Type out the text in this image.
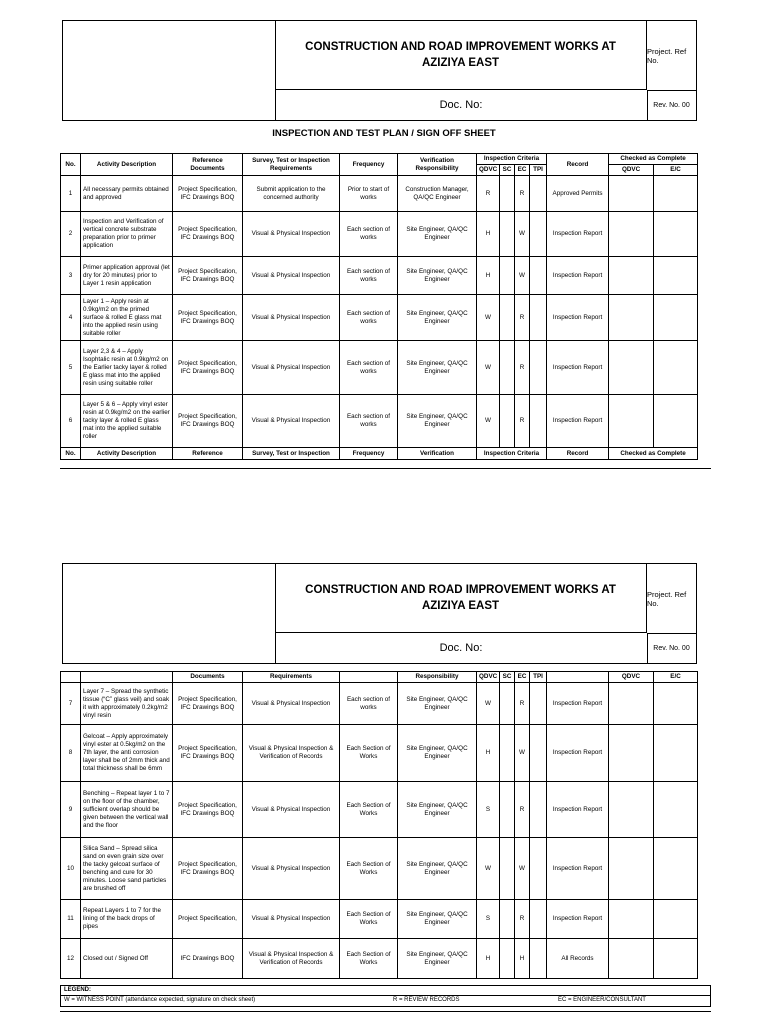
CONSTRUCTION AND ROAD IMPROVEMENT WORKS AT AZIZIYA EAST
Project. Ref No.
Doc. No:	Rev. No. 00
INSPECTION AND TEST PLAN / SIGN OFF SHEET
No.	Activity Description	Reference Documents	Survey, Test or Inspection Requirements	Frequency	Verification Responsibility	Inspection Criteria				Record	Checked as Complete	
						QDVC	SC	EC	TPI		QDVC	E/C
1	All necessary permits obtained and approved	Project Specification, IFC Drawings BOQ	Submit application to the concerned authority	Prior to start of works	Construction Manager, QA/QC Engineer	R		R		Approved Permits		
2	Inspection and Verification of vertical concrete substrate preparation prior to primer application	Project Specification, IFC Drawings BOQ	Visual & Physical Inspection	Each section of works	Site Engineer, QA/QC Engineer	H		W		Inspection Report		
3	Primer application approval (let dry for 20 minutes) prior to Layer 1 resin application	Project Specification, IFC Drawings BOQ	Visual & Physical Inspection	Each section of works	Site Engineer, QA/QC Engineer	H		W		Inspection Report		
4	Layer 1 – Apply resin at 0.9kg/m2 on the primed surface & rolled E glass mat into the applied resin using suitable roller	Project Specification, IFC Drawings BOQ	Visual & Physical Inspection	Each section of works	Site Engineer, QA/QC Engineer	W		R		Inspection Report		
5	Layer 2,3 & 4 – Apply Isophtalic resin at 0.9kg/m2 on the Earlier tacky layer & rolled E glass mat into the applied resin using suitable roller	Project Specification, IFC Drawings BOQ	Visual & Physical Inspection	Each section of works	Site Engineer, QA/QC Engineer	W		R		Inspection Report		
6	Layer 5 & 6 – Apply vinyl ester resin at 0.9kg/m2 on the earlier tacky layer & rolled E glass mat into the applied suitable roller	Project Specification, IFC Drawings BOQ	Visual & Physical Inspection	Each section of works	Site Engineer, QA/QC Engineer	W		R		Inspection Report		
No.	Activity Description	Reference	Survey, Test or Inspection	Frequency	Verification	Inspection Criteria				Record	Checked as Complete	
CONSTRUCTION AND ROAD IMPROVEMENT WORKS AT AZIZIYA EAST
Project. Ref No.
Doc. No:	Rev. No. 00
		Documents	Requirements		Responsibility	QDVC	SC	EC	TPI		QDVC	E/C
7	Layer 7 – Spread the synthetic tissue (“C” glass veil) and soak it with approximately 0.2kg/m2 vinyl resin	Project Specification, IFC Drawings BOQ	Visual & Physical Inspection	Each section of works	Site Engineer, QA/QC Engineer	W		R		Inspection Report		
8	Gelcoat – Apply approximately vinyl ester at 0.5kg/m2 on the 7th layer, the anti corrosion layer shall be of 2mm thick and total thickness shall be 6mm	Project Specification, IFC Drawings BOQ	Visual & Physical Inspection & Verification of Records	Each Section of Works	Site Engineer, QA/QC Engineer	H		W		Inspection Report		
9	Benching – Repeat layer 1 to 7 on the floor of the chamber, sufficient overlap should be given between the vertical wall and the floor	Project Specification, IFC Drawings BOQ	Visual & Physical Inspection	Each Section of Works	Site Engineer, QA/QC Engineer	S		R		Inspection Report		
10	Silica Sand – Spread silica sand on even grain size over the tacky gelcoat surface of benching and cure for 30 minutes. Loose sand particles are brushed off	Project Specification, IFC Drawings BOQ	Visual & Physical Inspection	Each Section of Works	Site Engineer, QA/QC Engineer	W		W		Inspection Report		
11	Repeat Layers 1 to 7 for the lining of the back drops of pipes	Project Specification,	Visual & Physical Inspection	Each Section of Works	Site Engineer, QA/QC Engineer	S		R		Inspection Report		
12	Closed out / Signed Off	IFC Drawings BOQ	Visual & Physical Inspection & Verification of Records	Each Section of Works	Site Engineer, QA/QC Engineer	H		H		All Records		
LEGEND:
W = WITNESS POINT (attendance expected, signature on check sheet)	R = REVIEW RECORDS	EC = ENGINEER/CONSULTANT
